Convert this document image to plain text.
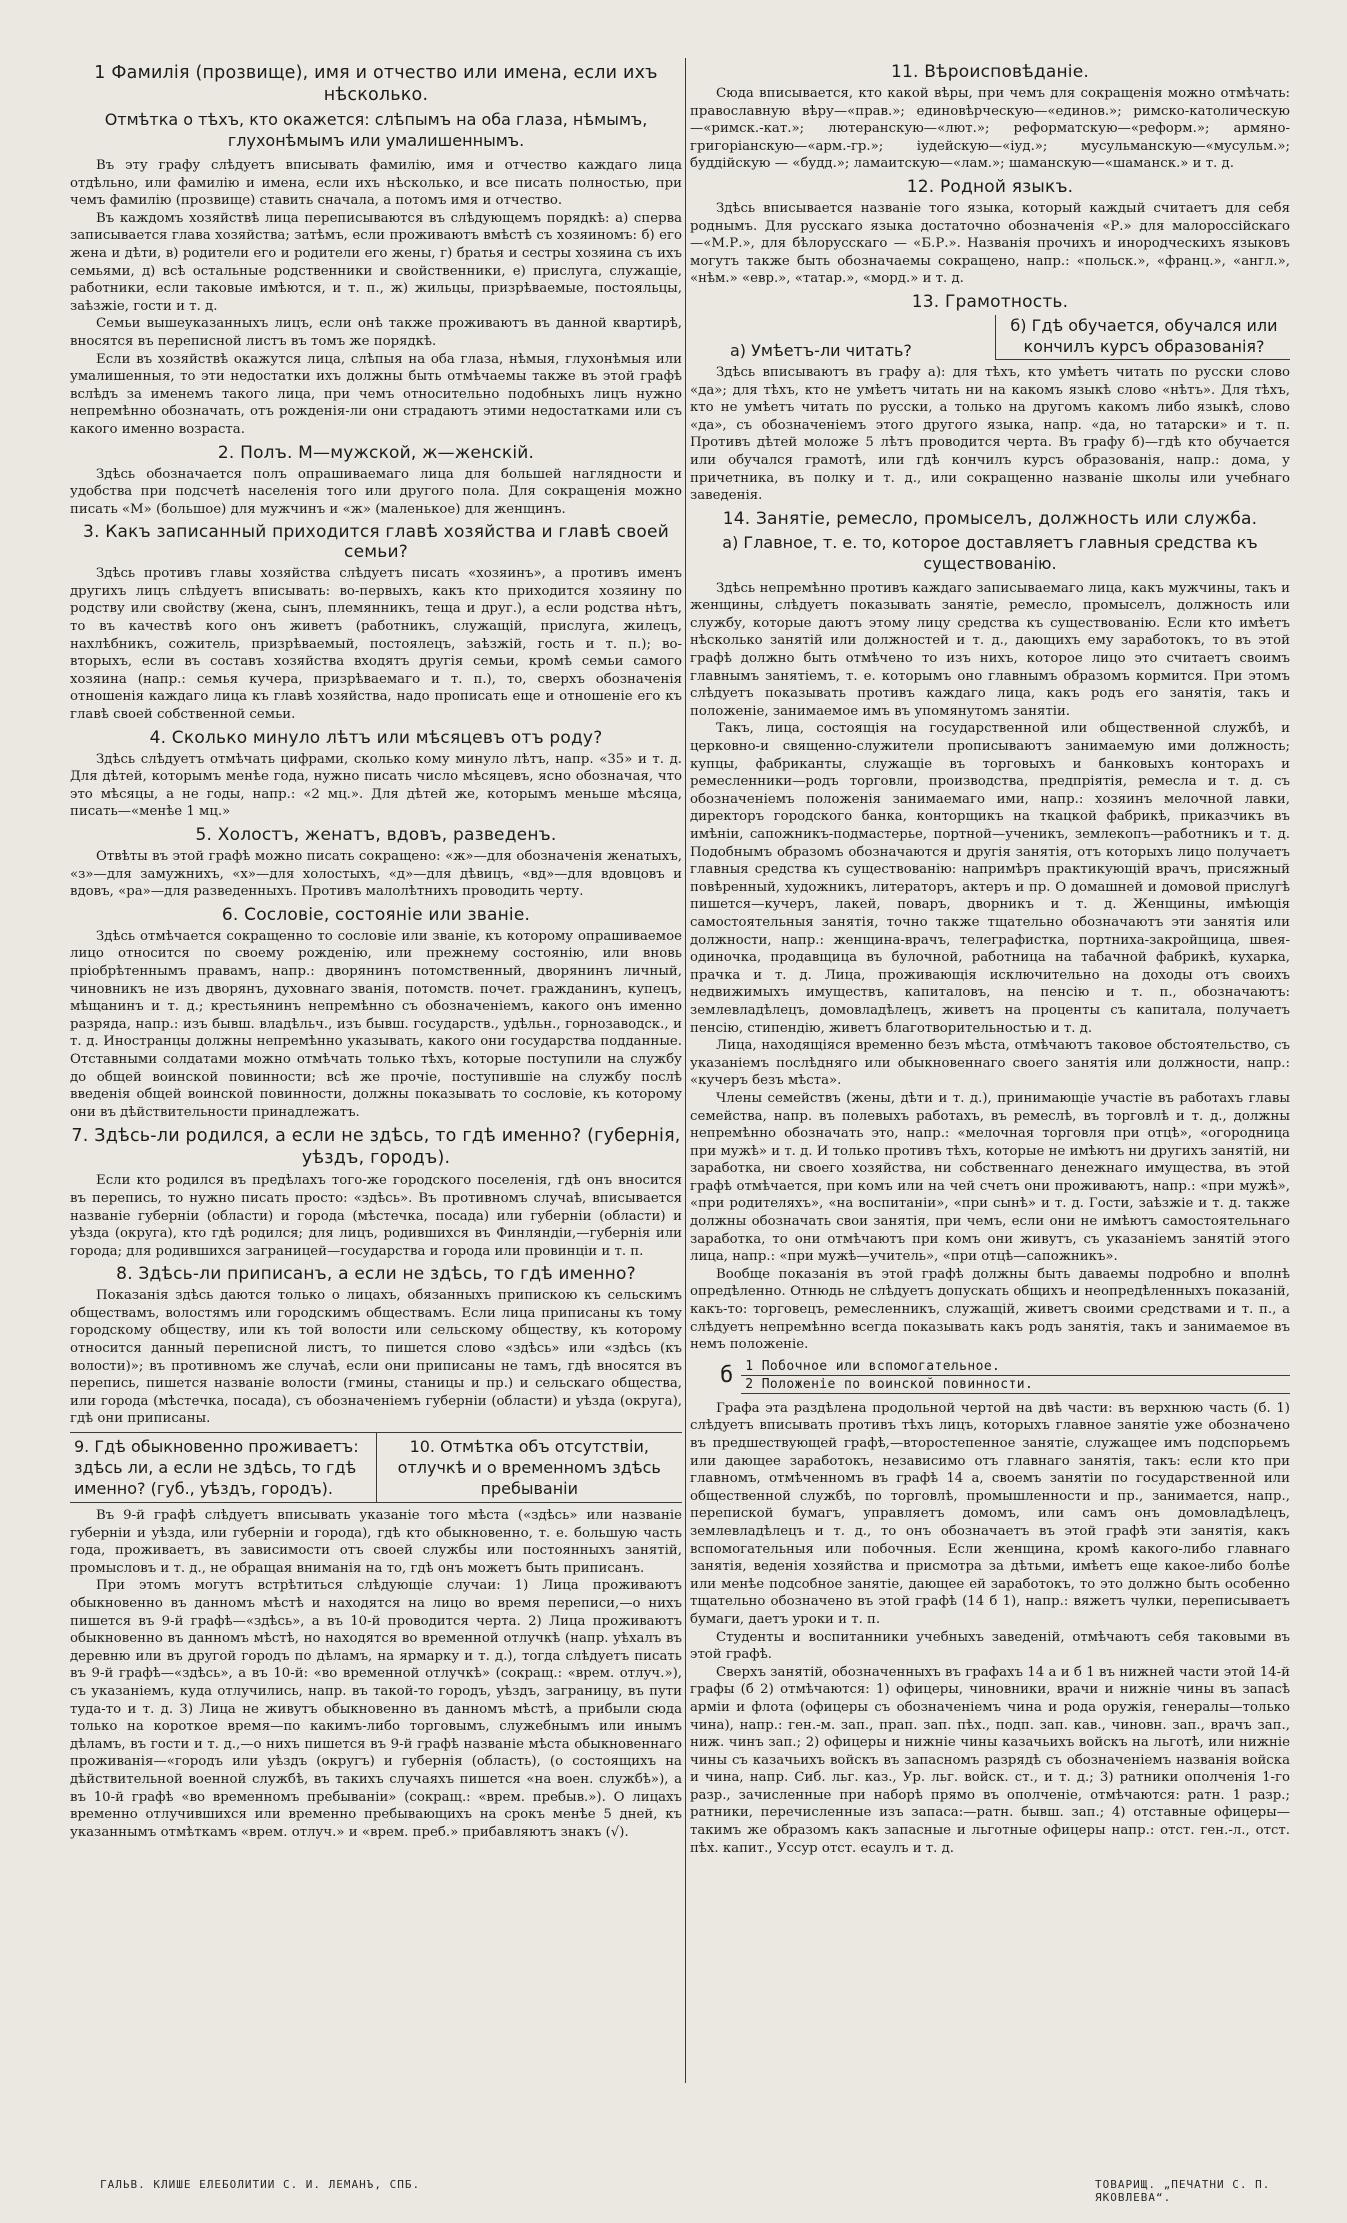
1 Фамилія (прозвище), имя и отчество или имена, если ихъ нѣсколько.
Отмѣтка о тѣхъ, кто окажется: слѣпымъ на оба глаза, нѣмымъ, глухонѣмымъ или умалишеннымъ.

Въ эту графу слѣдуетъ вписывать фамилію, имя и отчество каждаго лица отдѣльно, или фамилію и имена, если ихъ нѣсколько, и все писать полностью, при чемъ фамилію (прозвище) ставить сначала, а потомъ имя и отчество.

Въ каждомъ хозяйствѣ лица переписываются въ слѣдующемъ порядкѣ: а) сперва записывается глава хозяйства; затѣмъ, если проживаютъ вмѣстѣ съ хозяиномъ: б) его жена и дѣти, в) родители его и родители его жены, г) братья и сестры хозяина съ ихъ семьями, д) всѣ остальные родственники и свойственники, е) прислуга, служащіе, работники, если таковые имѣются, и т. п., ж) жильцы, призрѣваемые, постояльцы, заѣзжіе, гости и т. д.

Семьи вышеуказанныхъ лицъ, если онѣ также проживаютъ въ данной квартирѣ, вносятся въ переписной листъ въ томъ же порядкѣ.

Если въ хозяйствѣ окажутся лица, слѣпыя на оба глаза, нѣмыя, глухонѣмыя или умалишенныя, то эти недостатки ихъ должны быть отмѣчаемы также въ этой графѣ вслѣдъ за именемъ такого лица, при чемъ относительно подобныхъ лицъ нужно непремѣнно обозначать, отъ рожденія-ли они страдаютъ этими недостатками или съ какого именно возраста.

2. Полъ. М—мужской, ж—женскій.

Здѣсь обозначается полъ опрашиваемаго лица для большей наглядности и удобства при подсчетѣ населенія того или другого пола. Для сокращенія можно писать «М» (большое) для мужчинъ и «ж» (маленькое) для женщинъ.

3. Какъ записанный приходится главѣ хозяйства и главѣ своей семьи?

Здѣсь противъ главы хозяйства слѣдуетъ писать «хозяинъ», а противъ именъ другихъ лицъ слѣдуетъ вписывать: во-первыхъ, какъ кто приходится хозяину по родству или свойству (жена, сынъ, племянникъ, теща и друг.), а если родства нѣтъ, то въ качествѣ кого онъ живетъ (работникъ, служащій, прислуга, жилецъ, нахлѣбникъ, сожитель, призрѣваемый, постоялецъ, заѣзжій, гость и т. п.); во-вторыхъ, если въ составъ хозяйства входятъ другія семьи, кромѣ семьи самого хозяина (напр.: семья кучера, призрѣваемаго и т. п.), то, сверхъ обозначенія отношенія каждаго лица къ главѣ хозяйства, надо прописать еще и отношеніе его къ главѣ своей собственной семьи.

4. Сколько минуло лѣтъ или мѣсяцевъ отъ роду?

Здѣсь слѣдуетъ отмѣчать цифрами, сколько кому минуло лѣтъ, напр. «35» и т. д. Для дѣтей, которымъ менѣе года, нужно писать число мѣсяцевъ, ясно обозначая, что это мѣсяцы, а не годы, напр.: «2 мц.». Для дѣтей же, которымъ меньше мѣсяца, писать—«менѣе 1 мц.»

5. Холостъ, женатъ, вдовъ, разведенъ.

Отвѣты въ этой графѣ можно писать сокращено: «ж»—для обозначенія женатыхъ, «з»—для замужнихъ, «х»—для холостыхъ, «д»—для дѣвицъ, «вд»—для вдовцовъ и вдовъ, «ра»—для разведенныхъ. Противъ малолѣтнихъ проводить черту.

6. Сословіе, состояніе или званіе.

Здѣсь отмѣчается сокращенно то сословіе или званіе, къ которому опрашиваемое лицо относится по своему рожденію, или прежнему состоянію, или вновь пріобрѣтеннымъ правамъ, напр.: дворянинъ потомственный, дворянинъ личный, чиновникъ не изъ дворянъ, духовнаго званія, потомств. почет. гражданинъ, купецъ, мѣщанинъ и т. д.; крестьянинъ непремѣнно съ обозначеніемъ, какого онъ именно разряда, напр.: изъ бывш. владѣльч., изъ бывш. государств., удѣльн., горнозаводск., и т. д. Иностранцы должны непремѣнно указывать, какого они государства подданные. Отставными солдатами можно отмѣчать только тѣхъ, которые поступили на службу до общей воинской повинности; всѣ же прочіе, поступившіе на службу послѣ введенія общей воинской повинности, должны показывать то сословіе, къ которому они въ дѣйствительности принадлежатъ.

7. Здѣсь-ли родился, а если не здѣсь, то гдѣ именно? (губернія, уѣздъ, городъ).

Если кто родился въ предѣлахъ того-же городского поселенія, гдѣ онъ вносится въ перепись, то нужно писать просто: «здѣсь». Въ противномъ случаѣ, вписывается названіе губерніи (области) и города (мѣстечка, посада) или губерніи (области) и уѣзда (округа), кто гдѣ родился; для лицъ, родившихся въ Финляндіи,—губернія или города; для родившихся заграницей—государства и города или провинціи и т. п.

8. Здѣсь-ли приписанъ, а если не здѣсь, то гдѣ именно?

Показанія здѣсь даются только о лицахъ, обязанныхъ припискою къ сельскимъ обществамъ, волостямъ или городскимъ обществамъ. Если лица приписаны къ тому городскому обществу, или къ той волости или сельскому обществу, къ которому относится данный переписной листъ, то пишется слово «здѣсь» или «здѣсь (къ волости)»; въ противномъ же случаѣ, если они приписаны не тамъ, гдѣ вносятся въ перепись, пишется названіе волости (гмины, станицы и пр.) и сельскаго общества, или города (мѣстечка, посада), съ обозначеніемъ губерніи (области) и уѣзда (округа), гдѣ они приписаны.

9. Гдѣ обыкновенно проживаетъ: здѣсь ли, а если не здѣсь, то гдѣ именно? (губ., уѣздъ, городъ).
10. Отмѣтка объ отсутствіи, отлучкѣ и о временномъ здѣсь пребываніи

Въ 9-й графѣ слѣдуетъ вписывать указаніе того мѣста («здѣсь» или названіе губерніи и уѣзда, или губерніи и города), гдѣ кто обыкновенно, т. е. большую часть года, проживаетъ, въ зависимости отъ своей службы или постоянныхъ занятій, промысловъ и т. д., не обращая вниманія на то, гдѣ онъ можетъ быть приписанъ.

При этомъ могутъ встрѣтиться слѣдующіе случаи: 1) Лица проживаютъ обыкновенно въ данномъ мѣстѣ и находятся на лицо во время переписи,—о нихъ пишется въ 9-й графѣ—«здѣсь», а въ 10-й проводится черта. 2) Лица проживаютъ обыкновенно въ данномъ мѣстѣ, но находятся во временной отлучкѣ (напр. уѣхалъ въ деревню или въ другой городъ по дѣламъ, на ярмарку и т. д.), тогда слѣдуетъ писать въ 9-й графѣ—«здѣсь», а въ 10-й: «во временной отлучкѣ» (сокращ.: «врем. отлуч.»), съ указаніемъ, куда отлучились, напр. въ такой-то городъ, уѣздъ, заграницу, въ пути туда-то и т. д. 3) Лица не живутъ обыкновенно въ данномъ мѣстѣ, а прибыли сюда только на короткое время—по какимъ-либо торговымъ, служебнымъ или инымъ дѣламъ, въ гости и т. д.,—о нихъ пишется въ 9-й графѣ названіе мѣста обыкновеннаго проживанія—«городъ или уѣздъ (округъ) и губернія (область), (о состоящихъ на дѣйствительной военной службѣ, въ такихъ случаяхъ пишется «на воен. службѣ»), а въ 10-й графѣ «во временномъ пребываніи» (сокращ.: «врем. пребыв.»). О лицахъ временно отлучившихся или временно пребывающихъ на срокъ менѣе 5 дней, къ указаннымъ отмѣткамъ «врем. отлуч.» и «врем. преб.» прибавляютъ знакъ (√).

11. Вѣроисповѣданіе.

Сюда вписывается, кто какой вѣры, при чемъ для сокращенія можно отмѣчать: православную вѣру—«прав.»; единовѣрческую—«единов.»; римско-католическую—«римск.-кат.»; лютеранскую—«лют.»; реформатскую—«реформ.»; армяно-григоріанскую—«арм.-гр.»; іудейскую—«іуд.»; мусульманскую—«мусульм.»; буддійскую — «будд.»; ламаитскую—«лам.»; шаманскую—«шаманск.» и т. д.

12. Родной языкъ.

Здѣсь вписывается названіе того языка, который каждый считаетъ для себя роднымъ. Для русскаго языка достаточно обозначенія «Р.» для малороссійскаго—«М.Р.», для бѣлорусскаго — «Б.Р.». Названія прочихъ и инородческихъ языковъ могутъ также быть обозначаемы сокращено, напр.: «польск.», «франц.», «англ.», «нѣм.» «евр.», «татар.», «морд.» и т. д.

13. Грамотность.
а) Умѣетъ-ли читать?
б) Гдѣ обучается, обучался или кончилъ курсъ образованія?

Здѣсь вписываютъ въ графу а): для тѣхъ, кто умѣетъ читать по русски слово «да»; для тѣхъ, кто не умѣетъ читать ни на какомъ языкѣ слово «нѣтъ». Для тѣхъ, кто не умѣетъ читать по русски, а только на другомъ какомъ либо языкѣ, слово «да», съ обозначеніемъ этого другого языка, напр. «да, но татарски» и т. п. Противъ дѣтей моложе 5 лѣтъ проводится черта. Въ графу б)—гдѣ кто обучается или обучался грамотѣ, или гдѣ кончилъ курсъ образованія, напр.: дома, у причетника, въ полку и т. д., или сокращенно названіе школы или учебнаго заведенія.

14. Занятіе, ремесло, промыселъ, должность или служба.
а) Главное, т. е. то, которое доставляетъ главныя средства къ существованію.

Здѣсь непремѣнно противъ каждаго записываемаго лица, какъ мужчины, такъ и женщины, слѣдуетъ показывать занятіе, ремесло, промыселъ, должность или службу, которые даютъ этому лицу средства къ существованію. Если кто имѣетъ нѣсколько занятій или должностей и т. д., дающихъ ему заработокъ, то въ этой графѣ должно быть отмѣчено то изъ нихъ, которое лицо это считаетъ своимъ главнымъ занятіемъ, т. е. которымъ оно главнымъ образомъ кормится. При этомъ слѣдуетъ показывать противъ каждаго лица, какъ родъ его занятія, такъ и положеніе, занимаемое имъ въ упомянутомъ занятіи.

Такъ, лица, состоящія на государственной или общественной службѣ, и церковно-и священно-служители прописываютъ занимаемую ими должность; купцы, фабриканты, служащіе въ торговыхъ и банковыхъ конторахъ и ремесленники—родъ торговли, производства, предпріятія, ремесла и т. д. съ обозначеніемъ положенія занимаемаго ими, напр.: хозяинъ мелочной лавки, директоръ городского банка, конторщикъ на ткацкой фабрикѣ, приказчикъ въ имѣніи, сапожникъ-подмастерье, портной—ученикъ, землекопъ—работникъ и т. д. Подобнымъ образомъ обозначаются и другія занятія, отъ которыхъ лицо получаетъ главныя средства къ существованію: напримѣръ практикующій врачъ, присяжный повѣренный, художникъ, литераторъ, актеръ и пр. О домашней и домовой прислугѣ пишется—кучеръ, лакей, поваръ, дворникъ и т. д. Женщины, имѣющія самостоятельныя занятія, точно также тщательно обозначаютъ эти занятія или должности, напр.: женщина-врачъ, телеграфистка, портниха-закройщица, швея-одиночка, продавщица въ булочной, работница на табачной фабрикѣ, кухарка, прачка и т. д. Лица, проживающія исключительно на доходы отъ своихъ недвижимыхъ имуществъ, капиталовъ, на пенсію и т. п., обозначаютъ: землевладѣлецъ, домовладѣлецъ, живетъ на проценты съ капитала, получаетъ пенсію, стипендію, живетъ благотворительностью и т. д.

Лица, находящіяся временно безъ мѣста, отмѣчаютъ таковое обстоятельство, съ указаніемъ послѣдняго или обыкновеннаго своего занятія или должности, напр.: «кучеръ безъ мѣста».

Члены семействъ (жены, дѣти и т. д.), принимающіе участіе въ работахъ главы семейства, напр. въ полевыхъ работахъ, въ ремеслѣ, въ торговлѣ и т. д., должны непремѣнно обозначать это, напр.: «мелочная торговля при отцѣ», «огородница при мужѣ» и т. д. И только противъ тѣхъ, которые не имѣютъ ни другихъ занятій, ни заработка, ни своего хозяйства, ни собственнаго денежнаго имущества, въ этой графѣ отмѣчается, при комъ или на чей счетъ они проживаютъ, напр.: «при мужѣ», «при родителяхъ», «на воспитаніи», «при сынѣ» и т. д. Гости, заѣзжіе и т. д. также должны обозначать свои занятія, при чемъ, если они не имѣютъ самостоятельнаго заработка, то они отмѣчаютъ при комъ они живутъ, съ указаніемъ занятій этого лица, напр.: «при мужѣ—учитель», «при отцѣ—сапожникъ».

Вообще показанія въ этой графѣ должны быть даваемы подробно и вполнѣ опредѣленно. Отнюдь не слѣдуетъ допускать общихъ и неопредѣленныхъ показаній, какъ-то: торговецъ, ремесленникъ, служащій, живетъ своими средствами и т. п., а слѣдуетъ непремѣнно всегда показывать какъ родъ занятія, такъ и занимаемое въ немъ положеніе.

б 1 Побочное или вспомогательное.
2 Положеніе по воинской повинности.

Графа эта раздѣлена продольной чертой на двѣ части: въ верхнюю часть (б. 1) слѣдуетъ вписывать противъ тѣхъ лицъ, которыхъ главное занятіе уже обозначено въ предшествующей графѣ,—второстепенное занятіе, служащее имъ подспорьемъ или дающее заработокъ, независимо отъ главнаго занятія, такъ: если кто при главномъ, отмѣченномъ въ графѣ 14 а, своемъ занятіи по государственной или общественной службѣ, по торговлѣ, промышленности и пр., занимается, напр., перепиской бумагъ, управляетъ домомъ, или самъ онъ домовладѣлецъ, землевладѣлецъ и т. д., то онъ обозначаетъ въ этой графѣ эти занятія, какъ вспомогательныя или побочныя. Если женщина, кромѣ какого-либо главнаго занятія, веденія хозяйства и присмотра за дѣтьми, имѣетъ еще какое-либо болѣе или менѣе подсобное занятіе, дающее ей заработокъ, то это должно быть особенно тщательно обозначено въ этой графѣ (14 б 1), напр.: вяжетъ чулки, переписываетъ бумаги, даетъ уроки и т. п.

Студенты и воспитанники учебныхъ заведеній, отмѣчаютъ себя таковыми въ этой графѣ.

Сверхъ занятій, обозначенныхъ въ графахъ 14 а и б 1 въ нижней части этой 14-й графы (б 2) отмѣчаются: 1) офицеры, чиновники, врачи и нижніе чины въ запасѣ арміи и флота (офицеры съ обозначеніемъ чина и рода оружія, генералы—только чина), напр.: ген.-м. зап., прап. зап. пѣх., подп. зап. кав., чиновн. зап., врачъ зап., ниж. чинъ зап.; 2) офицеры и нижніе чины казачьихъ войскъ на льготѣ, или нижніе чины съ казачьихъ войскъ въ запасномъ разрядѣ съ обозначеніемъ названія войска и чина, напр. Сиб. льг. каз., Ур. льг. войск. ст., и т. д.; 3) ратники ополченія 1-го разр., зачисленные при наборѣ прямо въ ополченіе, отмѣчаются: ратн. 1 разр.; ратники, перечисленные изъ запаса:—ратн. бывш. зап.; 4) отставные офицеры—такимъ же образомъ какъ запасные и льготные офицеры напр.: отст. ген.-л., отст. пѣх. капит., Уссур отст. есаулъ и т. д.

ГАЛЬВ. КЛИШЕ ЕЛЕБОЛИТИИ С. И. ЛЕМАНЪ, СПБ.	ТОВАРИЩ. „ПЕЧАТНИ С. П. ЯКОВЛЕВА“.
